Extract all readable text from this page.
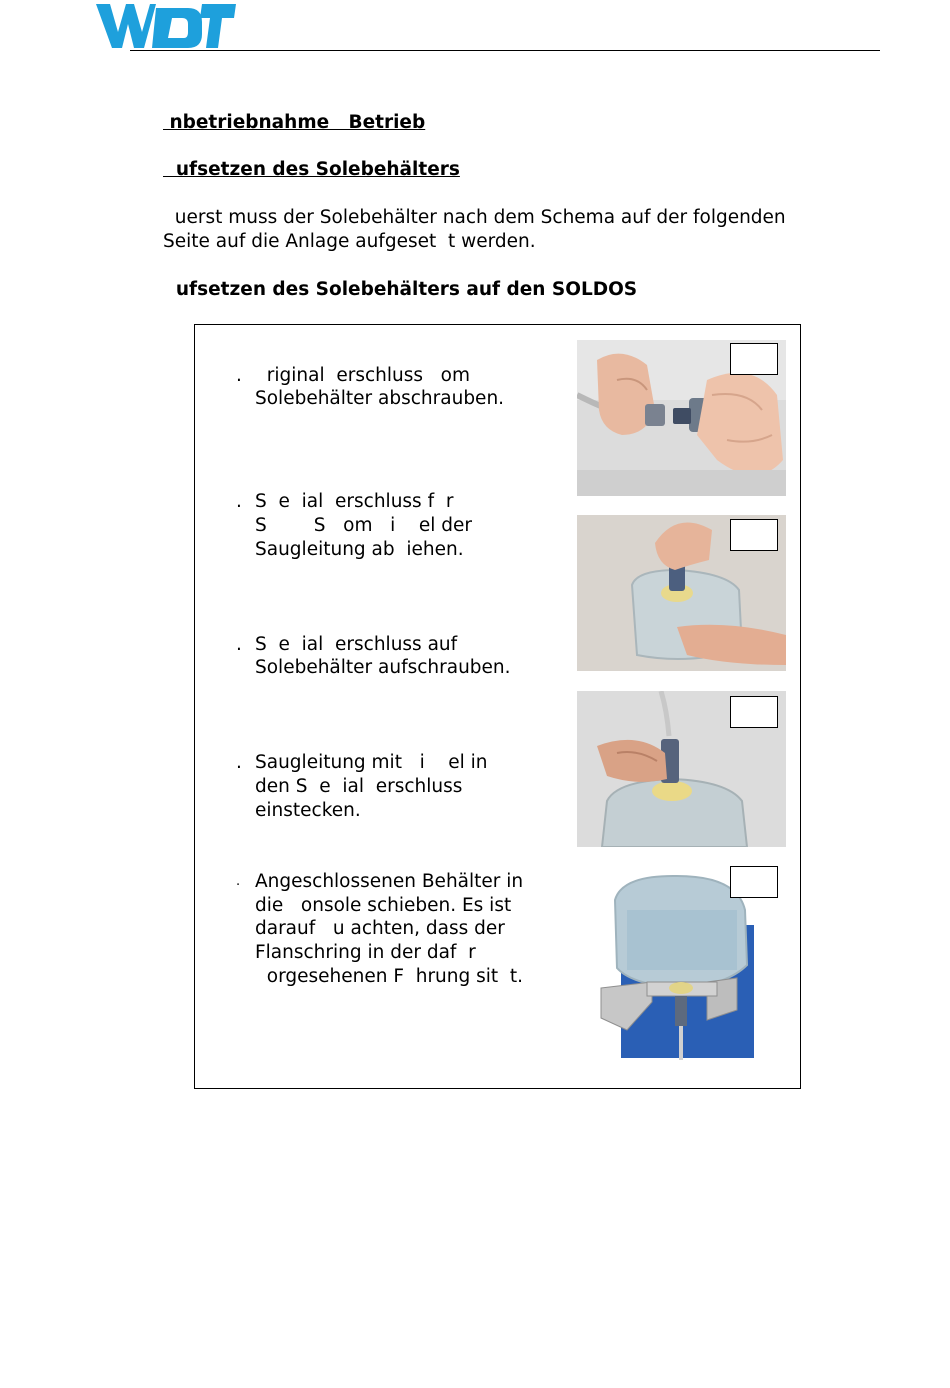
nbetriebnahme   Betrieb
ufsetzen des Solebehälters
uerst muss der Solebehälter nach dem Schema auf der folgenden
Seite auf die Anlage aufgeset  t werden.
ufsetzen des Solebehälters auf den SOLDOS
. riginal  erschluss   om
Solebehälter abschrauben.
. S  e  ial  erschluss f  r
S        S   om   i    el der
Saugleitung ab  iehen.
. S  e  ial  erschluss auf
Solebehälter aufschrauben.
. Saugleitung mit   i    el in
den S  e  ial  erschluss
einstecken.
. Angeschlossenen Behälter in
die   onsole schieben. Es ist
darauf   u achten, dass der
Flanschring in der daf  r
orgesehenen F  hrung sit  t.
